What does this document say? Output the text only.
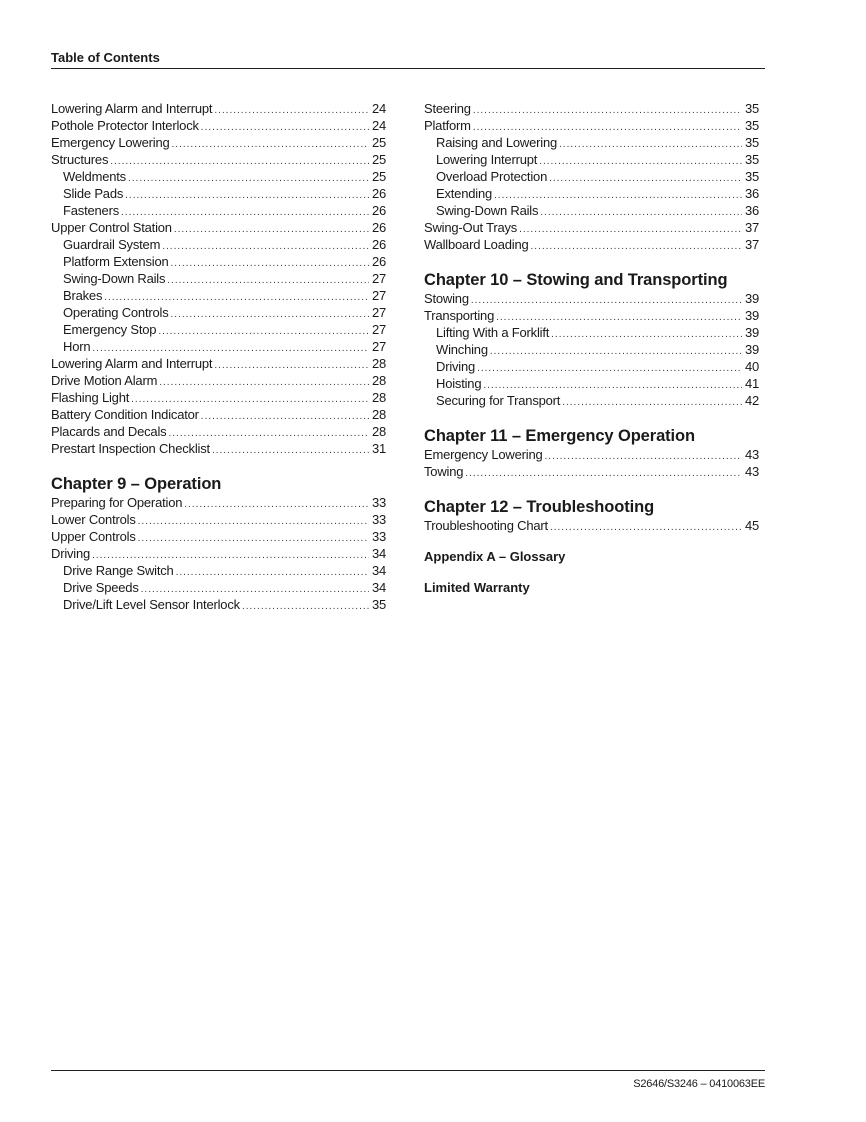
Table of Contents
Lowering Alarm and Interrupt .....	24
Pothole Protector Interlock .....	24
Emergency Lowering .....	25
Structures .....	25
Weldments .....	25
Slide Pads .....	26
Fasteners .....	26
Upper Control Station .....	26
Guardrail System .....	26
Platform Extension .....	26
Swing-Down Rails .....	27
Brakes .....	27
Operating Controls .....	27
Emergency Stop .....	27
Horn .....	27
Lowering Alarm and Interrupt .....	28
Drive Motion Alarm .....	28
Flashing Light .....	28
Battery Condition Indicator .....	28
Placards and Decals .....	28
Prestart Inspection Checklist .....	31
Chapter 9 – Operation
Preparing for Operation .....	33
Lower Controls .....	33
Upper Controls .....	33
Driving .....	34
Drive Range Switch .....	34
Drive Speeds .....	34
Drive/Lift Level Sensor Interlock .....	35
Steering .....	35
Platform .....	35
Raising and Lowering .....	35
Lowering Interrupt .....	35
Overload Protection .....	35
Extending .....	36
Swing-Down Rails .....	36
Swing-Out Trays .....	37
Wallboard Loading .....	37
Chapter 10 – Stowing and Transporting
Stowing .....	39
Transporting .....	39
Lifting With a Forklift .....	39
Winching .....	39
Driving .....	40
Hoisting .....	41
Securing for Transport .....	42
Chapter 11 – Emergency Operation
Emergency Lowering .....	43
Towing .....	43
Chapter 12 – Troubleshooting
Troubleshooting Chart .....	45
Appendix A – Glossary
Limited Warranty
S2646/S3246 – 0410063EE
